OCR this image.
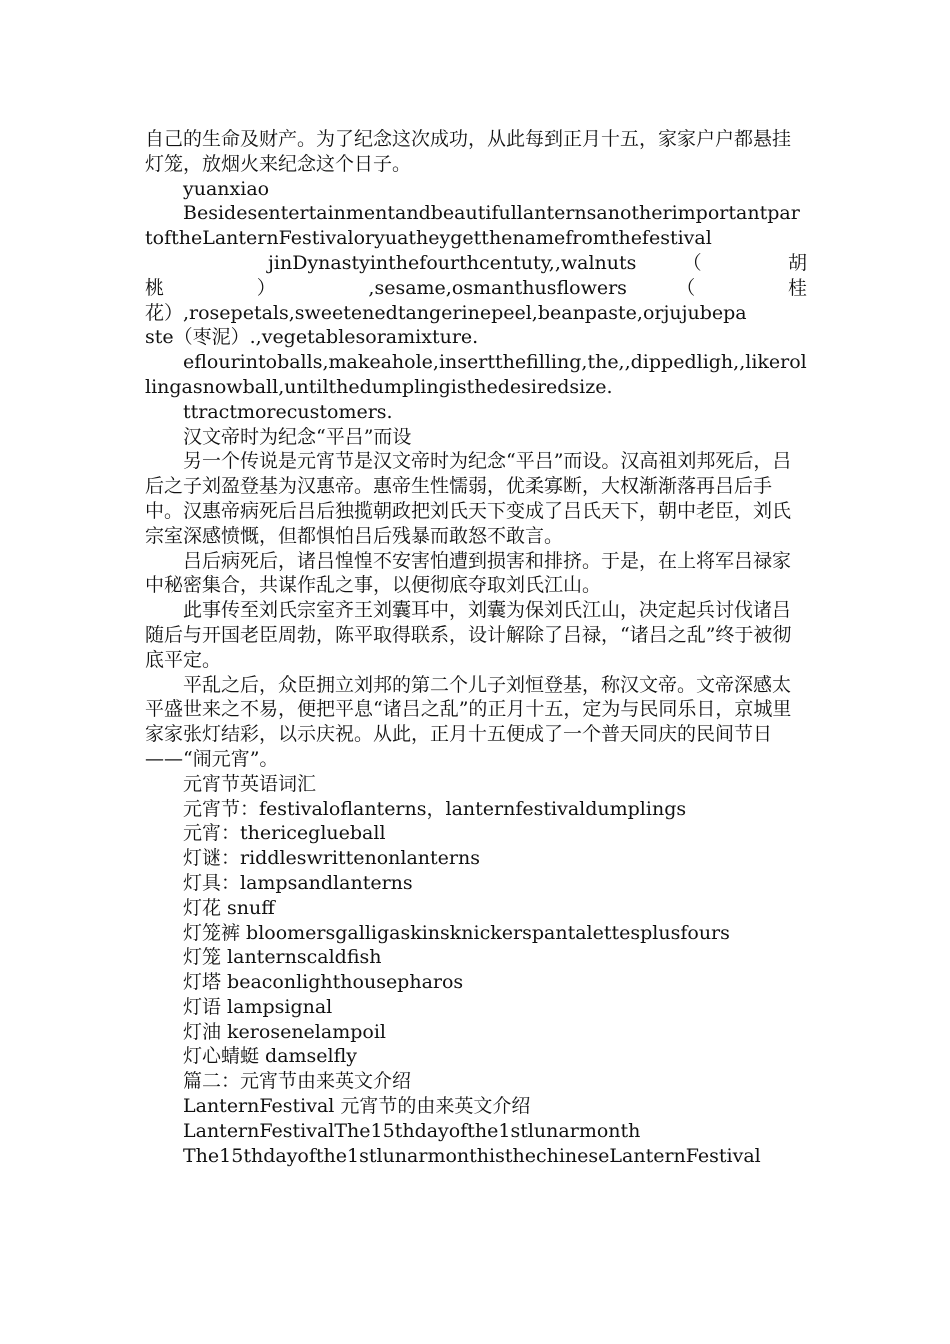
自己的生命及财产。为了纪念这次成功，从此每到正月十五，家家户户都悬挂灯笼，放烟火来纪念这个日子。

yuanxiao

BesidesentertainmentandbeautifullanternsanotherimportantpartoftheLanternFestivaloryuatheygetthenamefromthefestival

jinDynastyinthefourthcentuty,,walnuts （ 胡

桃 ） ,sesame,osmanthusflowers （ 桂

花）,rosepetals,sweetenedtangerinepeel,beanpaste,orjujubepa

ste（枣泥）.,vegetablesoramixture.

eflourintoballs,makeahole,insertthefilling,the,,dippedligh,,likerollingasnowball,untilthedumplingisthedesiredsize.

ttractmorecustomers.

汉文帝时为纪念“平吕”而设

另一个传说是元宵节是汉文帝时为纪念“平吕”而设。汉高祖刘邦死后，吕后之子刘盈登基为汉惠帝。惠帝生性懦弱，优柔寡断，大权渐渐落再吕后手中。汉惠帝病死后吕后独揽朝政把刘氏天下变成了吕氏天下，朝中老臣，刘氏宗室深感愤慨，但都惧怕吕后残暴而敢怒不敢言。

吕后病死后，诸吕惶惶不安害怕遭到损害和排挤。于是，在上将军吕禄家中秘密集合，共谋作乱之事，以便彻底夺取刘氏江山。

此事传至刘氏宗室齐王刘囊耳中，刘囊为保刘氏江山，决定起兵讨伐诸吕随后与开国老臣周勃，陈平取得联系，设计解除了吕禄，“诸吕之乱”终于被彻底平定。

平乱之后，众臣拥立刘邦的第二个儿子刘恒登基，称汉文帝。文帝深感太平盛世来之不易，便把平息“诸吕之乱”的正月十五，定为与民同乐日，京城里家家张灯结彩，以示庆祝。从此，正月十五便成了一个普天同庆的民间节日——“闹元宵”。

元宵节英语词汇

元宵节：festivaloflanterns，lanternfestivaldumplings

元宵：thericeglueball

灯谜：riddleswrittenonlanterns

灯具：lampsandlanterns

灯花 snuff

灯笼裤 bloomersgalligaskinsknickerspantalettesplusfours

灯笼 lanternscaldfish

灯塔 beaconlighthousepharos

灯语 lampsignal

灯油 kerosenelampoil

灯心蜻蜓 damselfly

篇二：元宵节由来英文介绍

LanternFestival 元宵节的由来英文介绍

LanternFestivalThe15thdayofthe1stlunarmonth

The15thdayofthe1stlunarmonthisthechineseLanternFestival
